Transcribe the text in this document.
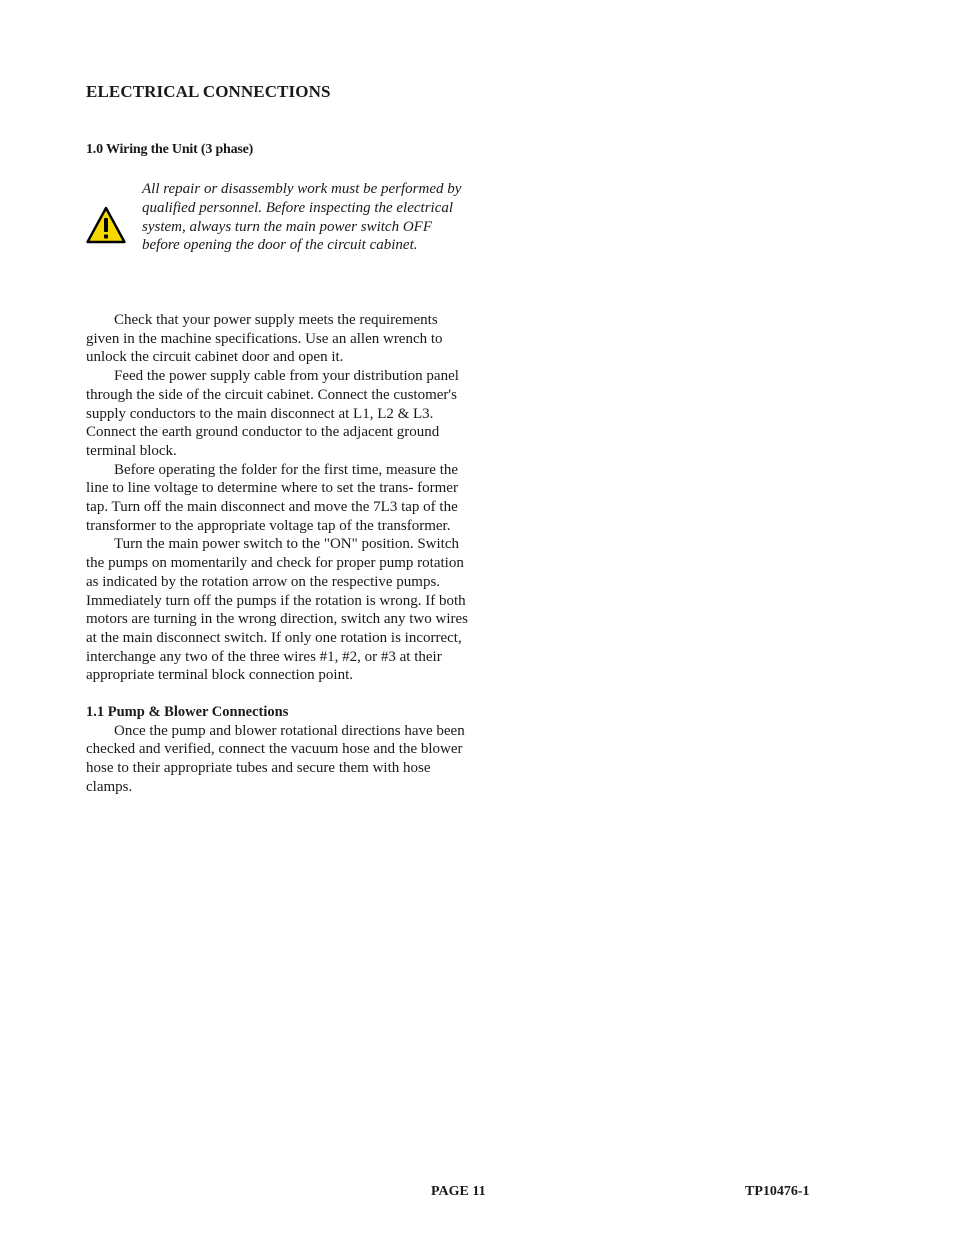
ELECTRICAL CONNECTIONS
1.0 Wiring the Unit (3 phase)

All repair or disassembly work must be performed by qualified personnel. Before inspecting the electrical system, always turn the main power switch OFF before opening the door of the circuit cabinet.

Check that your power supply meets the requirements given in the machine specifications. Use an allen wrench to unlock the circuit cabinet door and open it.

Feed the power supply cable from your distribution panel through the side of the circuit cabinet. Connect the customer's supply conductors to the main disconnect at L1, L2 & L3. Connect the earth ground conductor to the adjacent ground terminal block.

Before operating the folder for the first time, measure the line to line voltage to determine where to set the trans- former tap. Turn off the main disconnect and move the 7L3 tap of the transformer to the appropriate voltage tap of the transformer.

Turn the main power switch to the "ON" position. Switch the pumps on momentarily and check for proper pump rotation as indicated by the rotation arrow on the respective pumps. Immediately turn off the pumps if the rotation is wrong. If both motors are turning in the wrong direction, switch any two wires at the main disconnect switch. If only one rotation is incorrect, interchange any two of the three wires #1, #2, or #3 at their appropriate terminal block connection point.

1.1 Pump & Blower Connections

Once the pump and blower rotational directions have been checked and verified, connect the vacuum hose and the blower hose to their appropriate tubes and secure them with hose clamps.

PAGE 11	TP10476-1
